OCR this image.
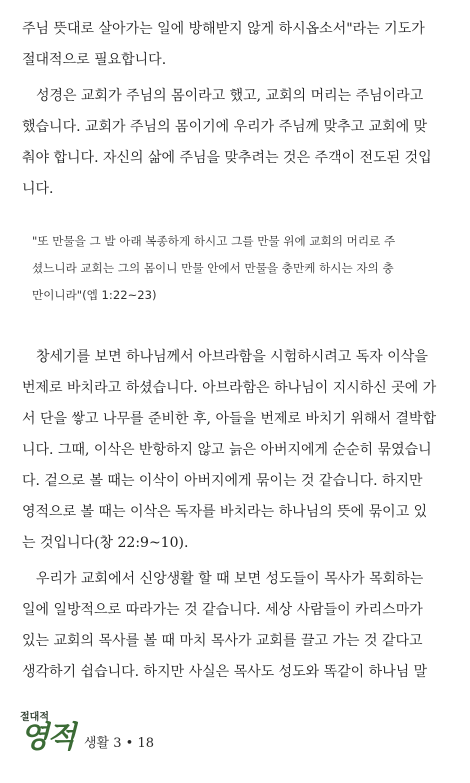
주님 뜻대로 살아가는 일에 방해받지 않게 하시옵소서"라는 기도가
절대적으로 필요합니다.
성경은 교회가 주님의 몸이라고 했고, 교회의 머리는 주님이라고
했습니다. 교회가 주님의 몸이기에 우리가 주님께 맞추고 교회에 맞
춰야 합니다. 자신의 삶에 주님을 맞추려는 것은 주객이 전도된 것입
니다.
"또 만물을 그 발 아래 복종하게 하시고 그를 만물 위에 교회의 머리로 주
셨느니라 교회는 그의 몸이니 만물 안에서 만물을 충만케 하시는 자의 충
만이니라"(엡 1:22~23)
창세기를 보면 하나님께서 아브라함을 시험하시려고 독자 이삭을
번제로 바치라고 하셨습니다. 아브라함은 하나님이 지시하신 곳에 가
서 단을 쌓고 나무를 준비한 후, 아들을 번제로 바치기 위해서 결박합
니다. 그때, 이삭은 반항하지 않고 늙은 아버지에게 순순히 묶였습니
다. 겉으로 볼 때는 이삭이 아버지에게 묶이는 것 같습니다. 하지만
영적으로 볼 때는 이삭은 독자를 바치라는 하나님의 뜻에 묶이고 있
는 것입니다(창 22:9~10).
우리가 교회에서 신앙생활 할 때 보면 성도들이 목사가 목회하는
일에 일방적으로 따라가는 것 같습니다. 세상 사람들이 카리스마가
있는 교회의 목사를 볼 때 마치 목사가 교회를 끌고 가는 것 같다고
생각하기 쉽습니다. 하지만 사실은 목사도 성도와 똑같이 하나님 말
절대적
영적 생활 3 • 18
